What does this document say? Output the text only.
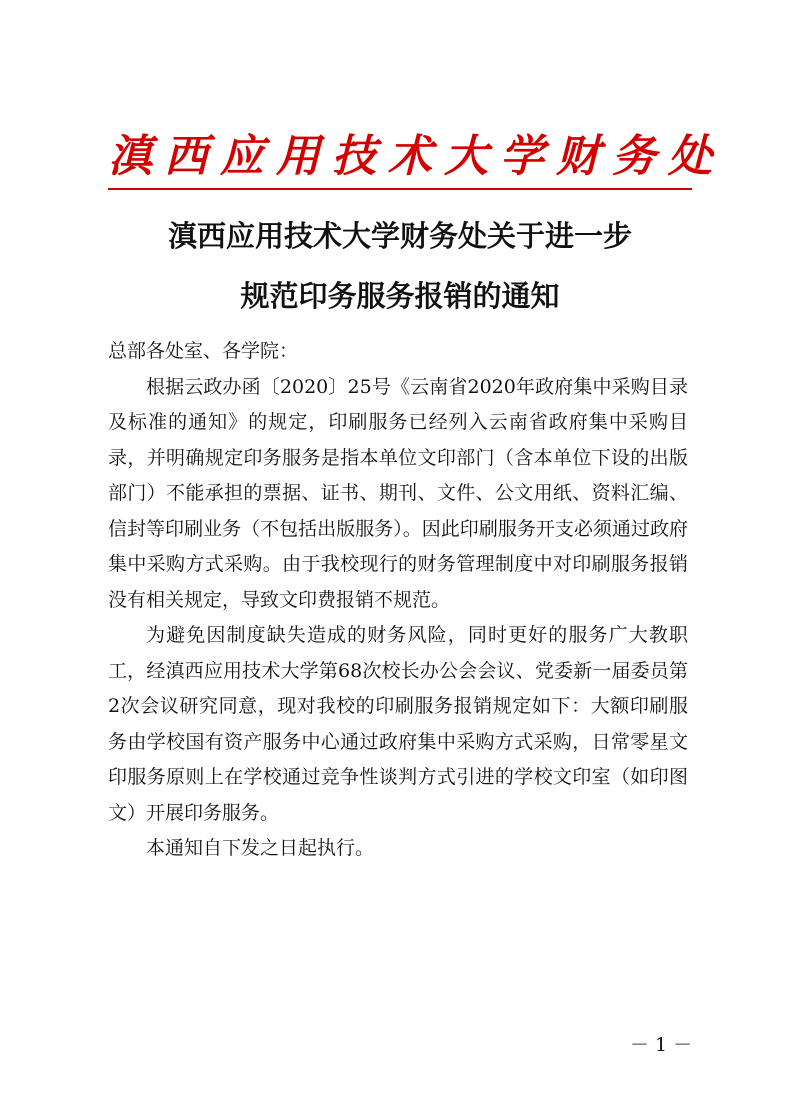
滇西应用技术大学财务处
滇西应用技术大学财务处关于进一步
规范印务服务报销的通知

总部各处室、各学院：

根据云政办函〔2020〕25号《云南省2020年政府集中采购目录及标准的通知》的规定，印刷服务已经列入云南省政府集中采购目录，并明确规定印务服务是指本单位文印部门（含本单位下设的出版部门）不能承担的票据、证书、期刊、文件、公文用纸、资料汇编、信封等印刷业务（不包括出版服务）。因此印刷服务开支必须通过政府集中采购方式采购。由于我校现行的财务管理制度中对印刷服务报销没有相关规定，导致文印费报销不规范。

为避免因制度缺失造成的财务风险，同时更好的服务广大教职工，经滇西应用技术大学第68次校长办公会会议、党委新一届委员第2次会议研究同意，现对我校的印刷服务报销规定如下：大额印刷服务由学校国有资产服务中心通过政府集中采购方式采购，日常零星文印服务原则上在学校通过竞争性谈判方式引进的学校文印室（如印图文）开展印务服务。

本通知自下发之日起执行。

－ 1 －
